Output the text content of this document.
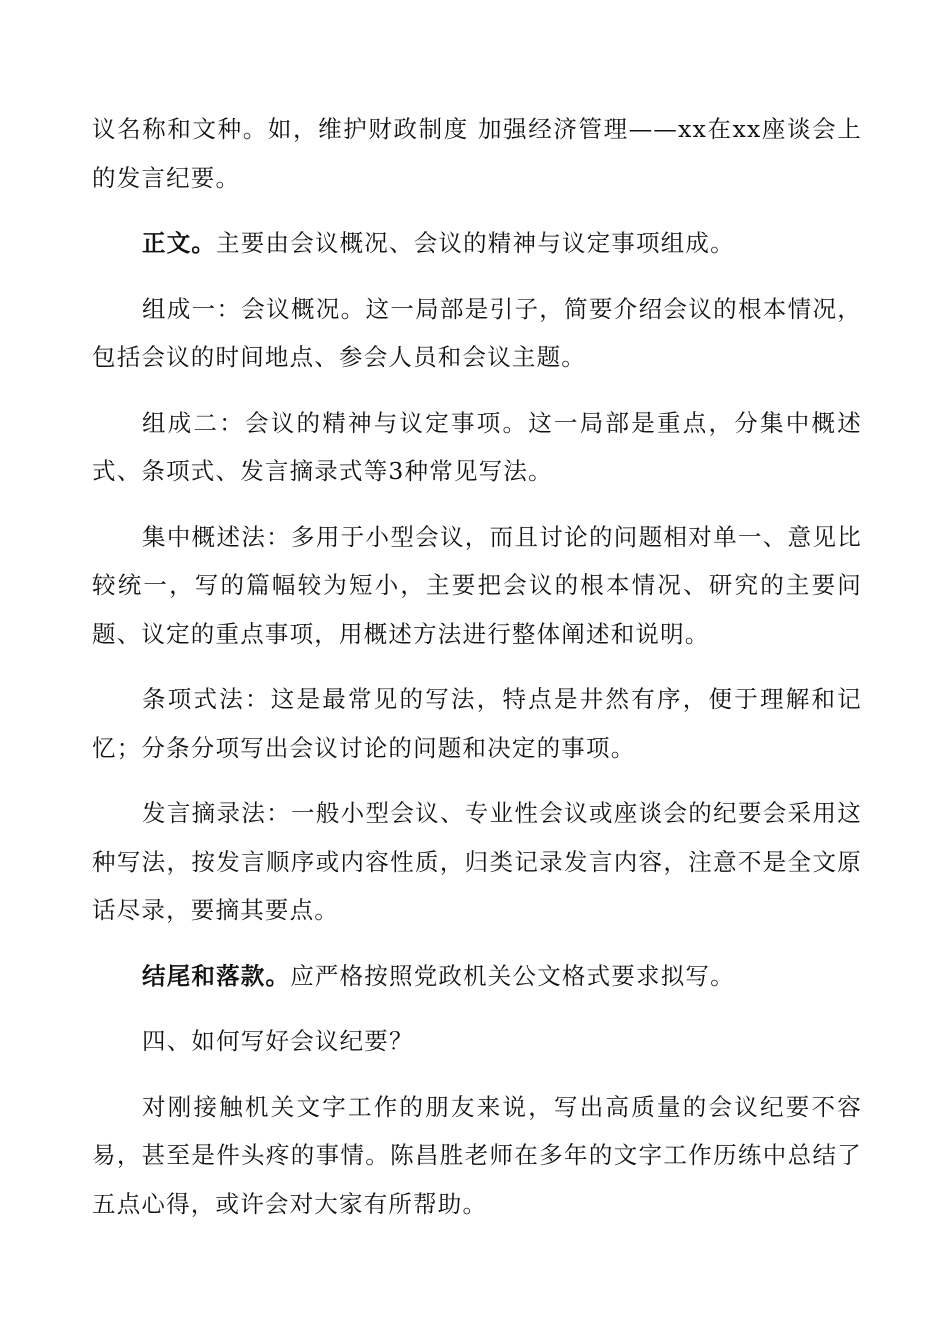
议名称和文种。如，维护财政制度 加强经济管理——xx在xx座谈会上的发言纪要。

正文。主要由会议概况、会议的精神与议定事项组成。

组成一：会议概况。这一局部是引子，简要介绍会议的根本情况，包括会议的时间地点、参会人员和会议主题。

组成二：会议的精神与议定事项。这一局部是重点，分集中概述式、条项式、发言摘录式等3种常见写法。

集中概述法：多用于小型会议，而且讨论的问题相对单一、意见比较统一，写的篇幅较为短小，主要把会议的根本情况、研究的主要问题、议定的重点事项，用概述方法进行整体阐述和说明。

条项式法：这是最常见的写法，特点是井然有序，便于理解和记忆；分条分项写出会议讨论的问题和决定的事项。

发言摘录法：一般小型会议、专业性会议或座谈会的纪要会采用这种写法，按发言顺序或内容性质，归类记录发言内容，注意不是全文原话尽录，要摘其要点。

结尾和落款。应严格按照党政机关公文格式要求拟写。

四、如何写好会议纪要？

对刚接触机关文字工作的朋友来说，写出高质量的会议纪要不容易，甚至是件头疼的事情。陈昌胜老师在多年的文字工作历练中总结了五点心得，或许会对大家有所帮助。
